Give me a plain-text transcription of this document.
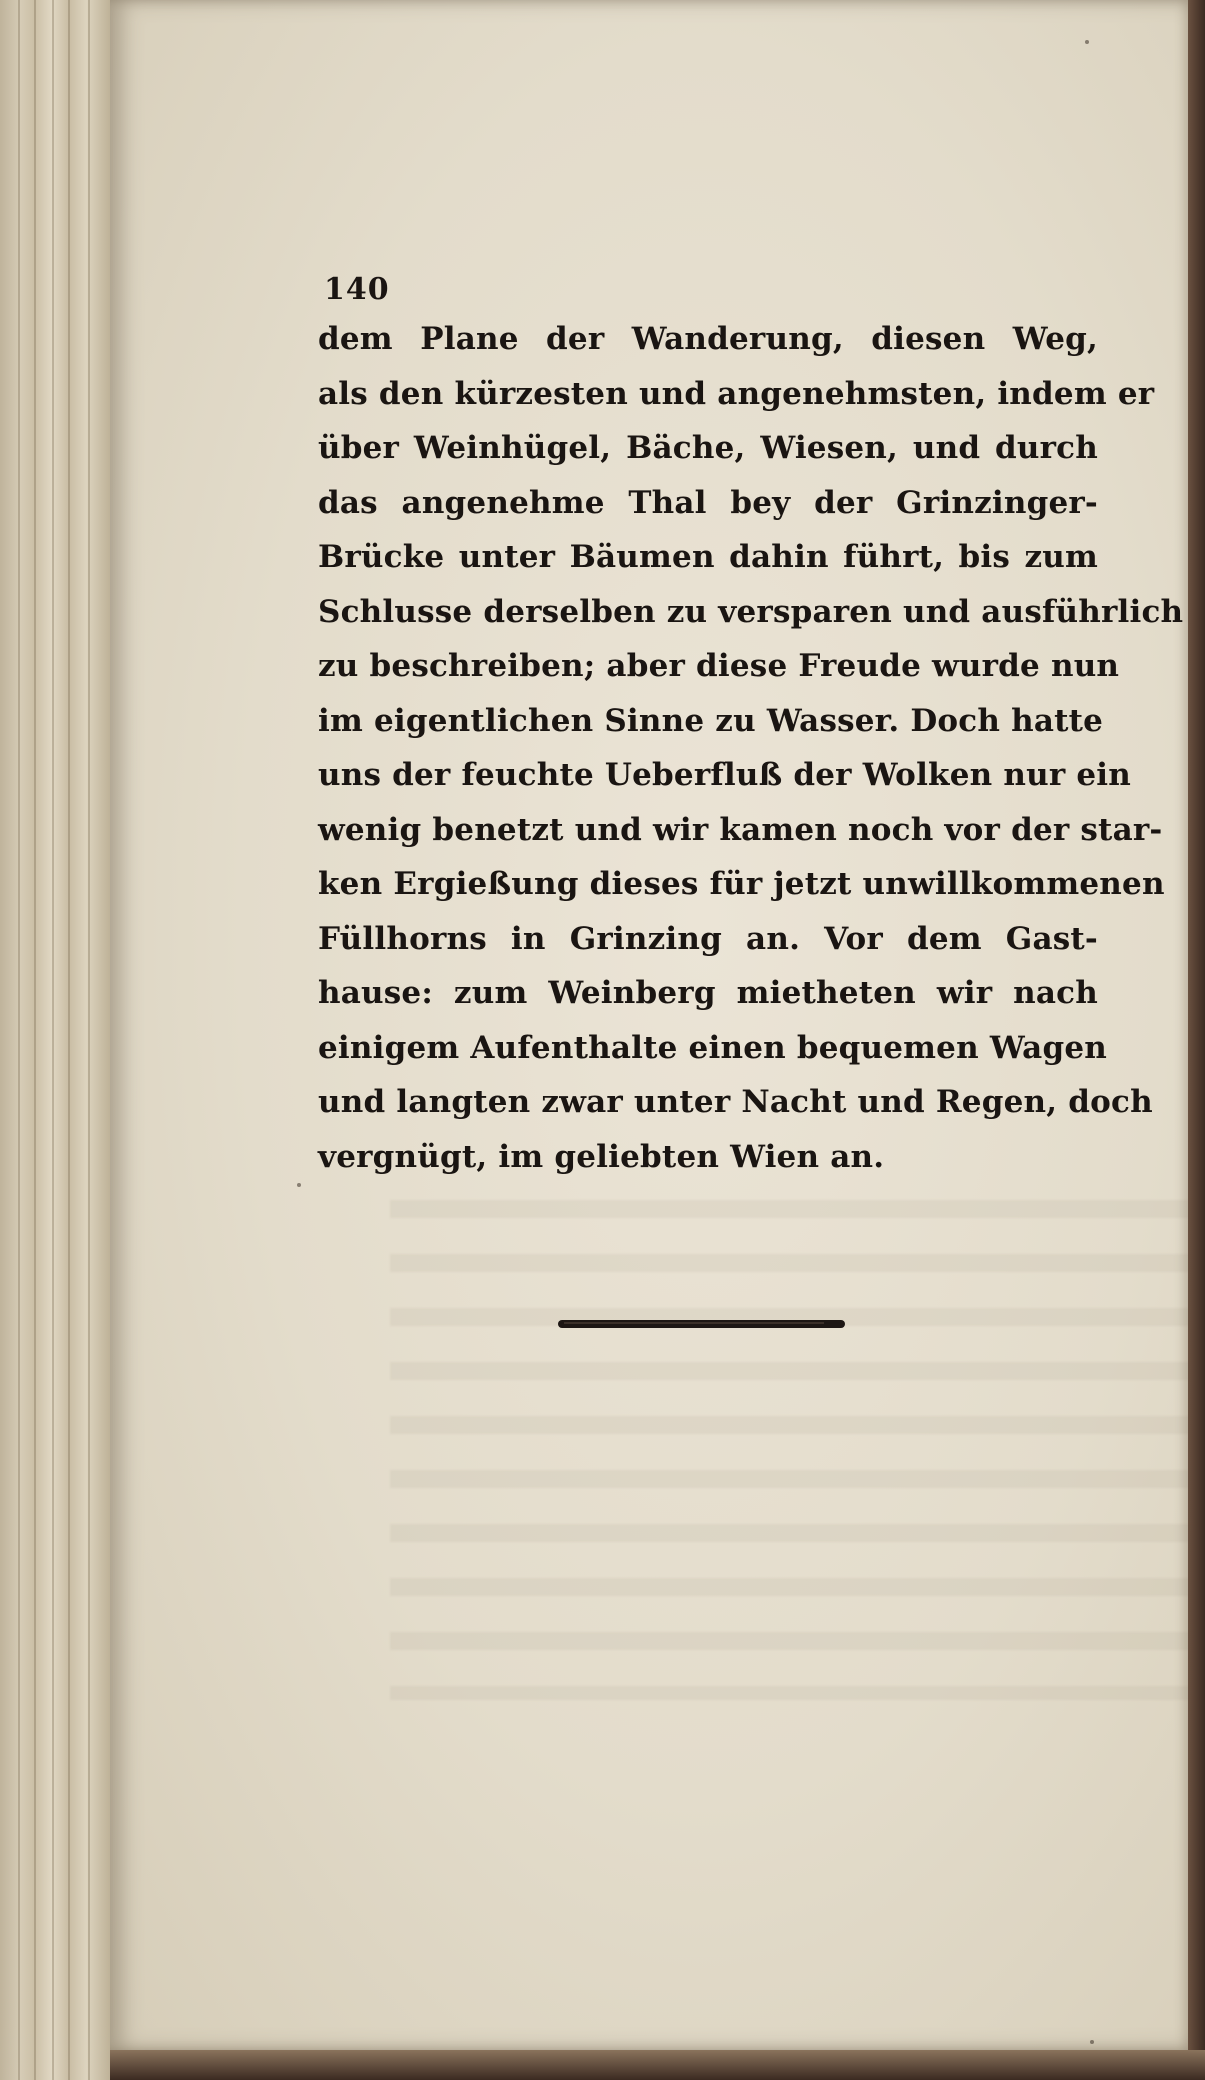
140
dem Plane der Wanderung, diesen Weg,
als den kürzesten und angenehmsten, indem er
über Weinhügel, Bäche, Wiesen, und durch
das angenehme Thal bey der Grinzinger-
Brücke unter Bäumen dahin führt, bis zum
Schlusse derselben zu versparen und ausführlich
zu beschreiben; aber diese Freude wurde nun
im eigentlichen Sinne zu Wasser. Doch hatte
uns der feuchte Ueberfluß der Wolken nur ein
wenig benetzt und wir kamen noch vor der star-
ken Ergießung dieses für jetzt unwillkommenen
Füllhorns in Grinzing an. Vor dem Gast-
hause: zum Weinberg mietheten wir nach
einigem Aufenthalte einen bequemen Wagen
und langten zwar unter Nacht und Regen, doch
vergnügt, im geliebten Wien an.
